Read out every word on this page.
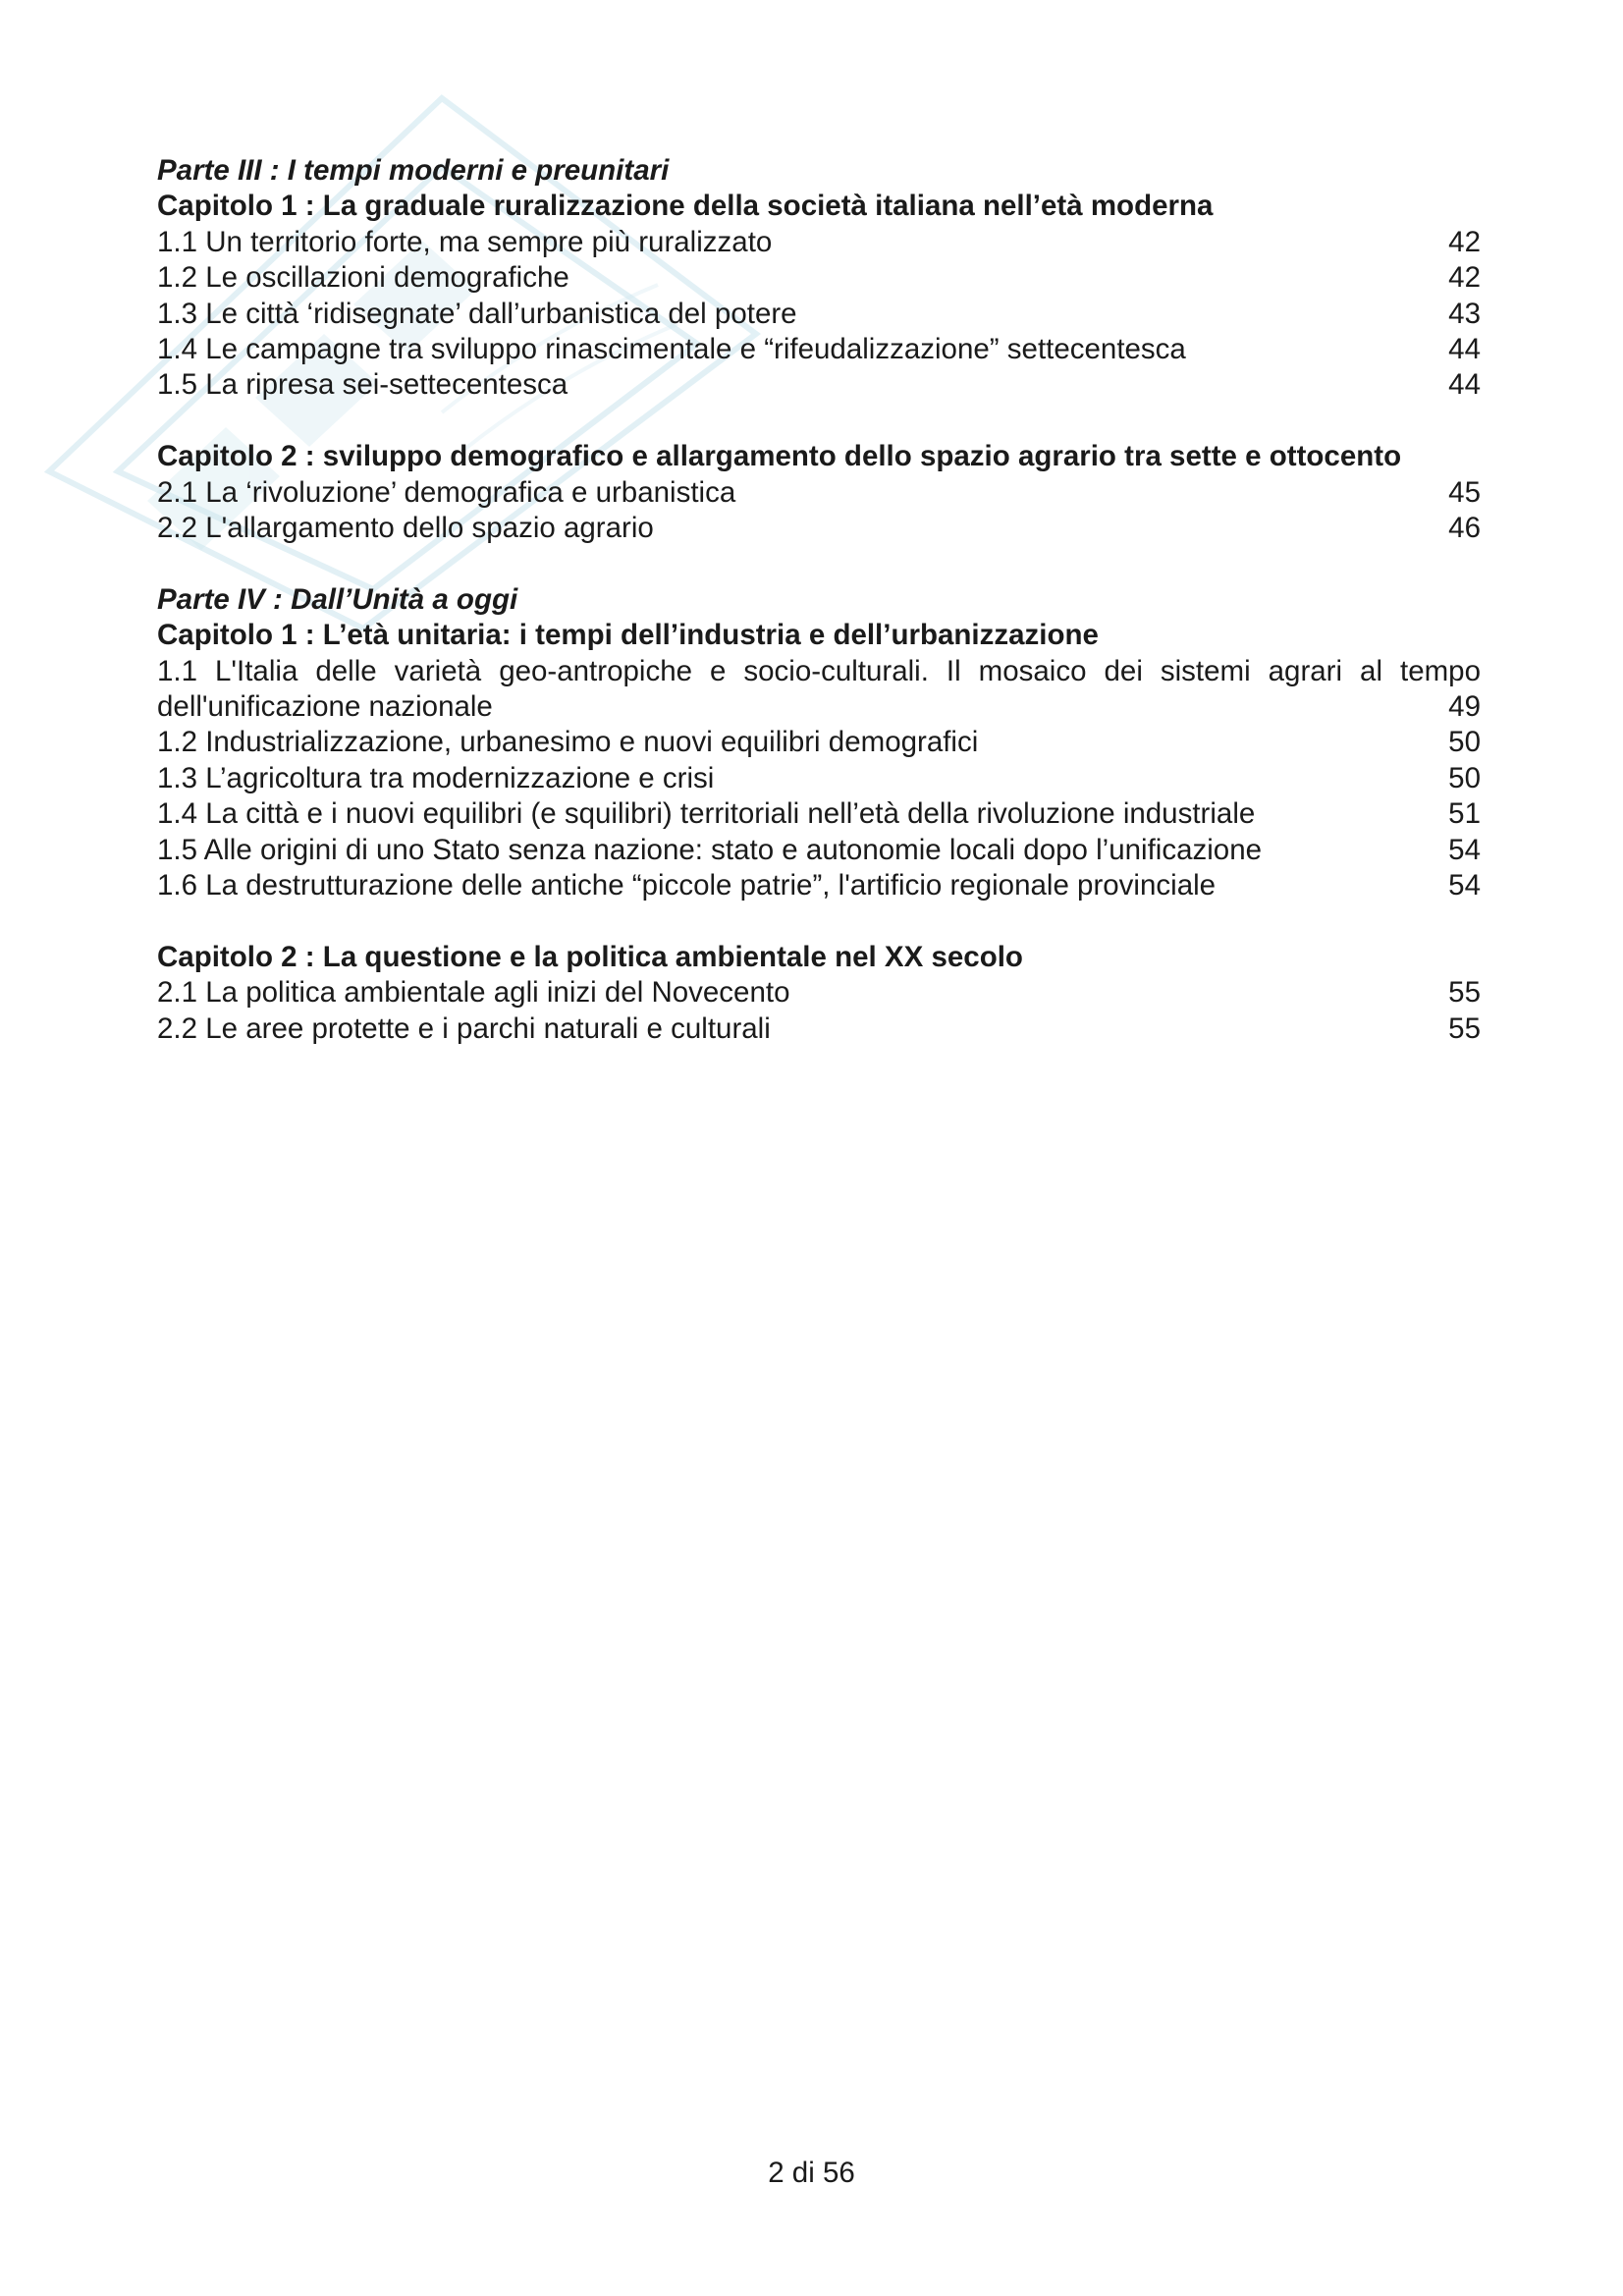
Parte III : I tempi moderni e preunitari
Capitolo 1 : La graduale ruralizzazione della società italiana nell’età moderna
1.1 Un territorio forte, ma sempre più ruralizzato	42
1.2 Le oscillazioni demografiche	42
1.3 Le città ‘ridisegnate’ dall’urbanistica del potere	43
1.4 Le campagne tra sviluppo rinascimentale e “rifeudalizzazione” settecentesca	44
1.5 La ripresa sei-settecentesca	44
Capitolo 2 : sviluppo demografico e allargamento dello spazio agrario tra sette e ottocento
2.1 La ‘rivoluzione’ demografica e urbanistica	45
2.2 L'allargamento dello spazio agrario	46
Parte IV : Dall’Unità a oggi
Capitolo 1 : L’età unitaria: i tempi dell’industria e dell’urbanizzazione
1.1 L'Italia delle varietà geo-antropiche e socio-culturali. Il mosaico dei sistemi agrari al tempo
dell'unificazione nazionale	49
1.2 Industrializzazione, urbanesimo e nuovi equilibri demografici	50
1.3 L’agricoltura tra modernizzazione e crisi	50
1.4 La città e i nuovi equilibri (e squilibri) territoriali nell’età della rivoluzione industriale	51
1.5 Alle origini di uno Stato senza nazione: stato e autonomie locali dopo l’unificazione	54
1.6 La destrutturazione delle antiche “piccole patrie”, l'artificio regionale provinciale	54
Capitolo 2 : La questione e la politica ambientale nel XX secolo
2.1 La politica ambientale agli inizi del Novecento	55
2.2 Le aree protette e i parchi naturali e culturali	55
2 di 56
